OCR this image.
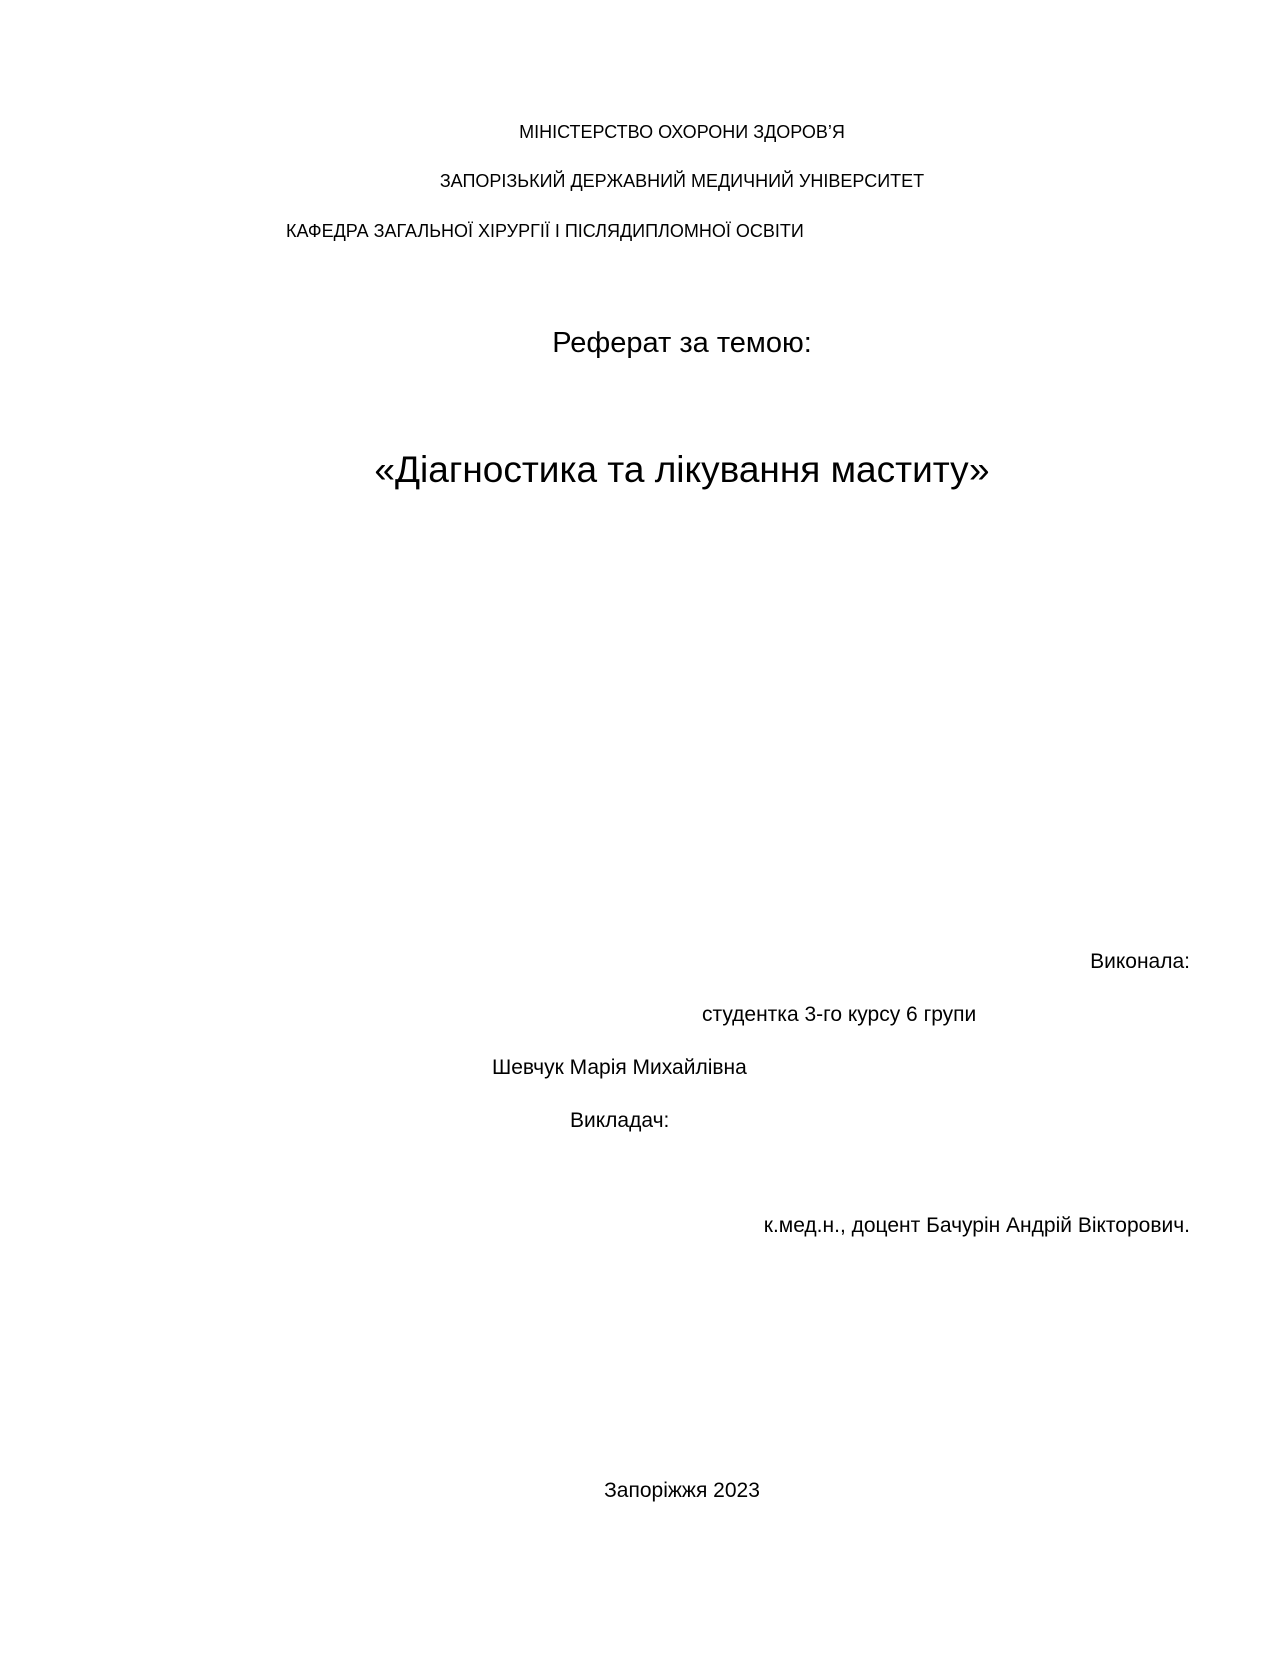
МІНІСТЕРСТВО ОХОРОНИ ЗДОРОВ’Я
ЗАПОРІЗЬКИЙ ДЕРЖАВНИЙ МЕДИЧНИЙ УНІВЕРСИТЕТ
КАФЕДРА ЗАГАЛЬНОЇ ХІРУРГІЇ І ПІСЛЯДИПЛОМНОЇ ОСВІТИ
Реферат за темою:
«Діагностика та лікування маститу»
Виконала:
студентка 3-го курсу 6 групи
Шевчук Марія Михайлівна
Викладач:
к.мед.н., доцент Бачурін Андрій Вікторович.
Запоріжжя 2023
